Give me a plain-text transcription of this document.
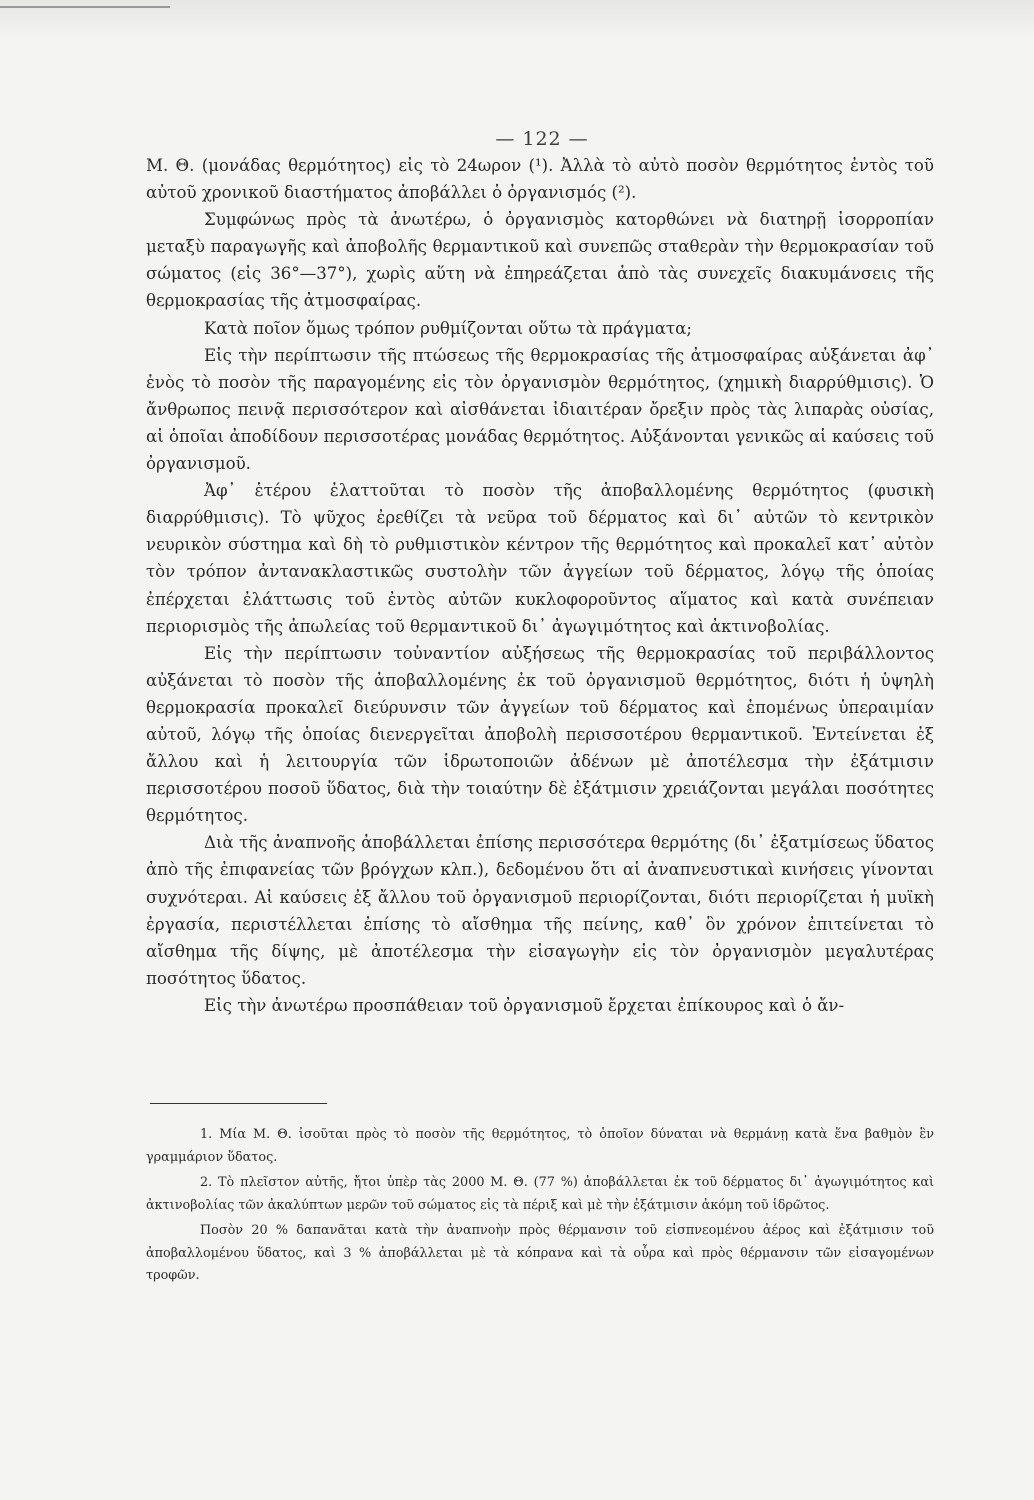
— 122 —

Μ. Θ. (μονάδας θερμότητος) εἰς τὸ 24ωρον (¹). Ἀλλὰ τὸ αὐτὸ ποσὸν θερμότητος ἐντὸς τοῦ αὐτοῦ χρονικοῦ διαστήματος ἀποβάλλει ὁ ὀργανισμός (²).

Συμφώνως πρὸς τὰ ἀνωτέρω, ὁ ὀργανισμὸς κατορθώνει νὰ διατηρῇ ἰσορροπίαν μεταξὺ παραγωγῆς καὶ ἀποβολῆς θερμαντικοῦ καὶ συνεπῶς σταθερὰν τὴν θερμοκρασίαν τοῦ σώματος (εἰς 36°—37°), χωρὶς αὕτη νὰ ἐπηρεάζεται ἀπὸ τὰς συνεχεῖς διακυμάνσεις τῆς θερμοκρασίας τῆς ἀτμοσφαίρας.

Κατὰ ποῖον ὅμως τρόπον ρυθμίζονται οὕτω τὰ πράγματα;

Εἰς τὴν περίπτωσιν τῆς πτώσεως τῆς θερμοκρασίας τῆς ἀτμοσφαίρας αὐξάνεται ἀφ᾽ ἑνὸς τὸ ποσὸν τῆς παραγομένης εἰς τὸν ὀργανισμὸν θερμότητος, (χημικὴ διαρρύθμισις). Ὁ ἄνθρωπος πεινᾷ περισσότερον καὶ αἰσθάνεται ἰδιαιτέραν ὄρεξιν πρὸς τὰς λιπαρὰς οὐσίας, αἱ ὁποῖαι ἀποδίδουν περισσοτέρας μονάδας θερμότητος. Αὐξάνονται γενικῶς αἱ καύσεις τοῦ ὀργανισμοῦ.

Ἀφ᾽ ἑτέρου ἐλαττοῦται τὸ ποσὸν τῆς ἀποβαλλομένης θερμότητος (φυσικὴ διαρρύθμισις). Τὸ ψῦχος ἐρεθίζει τὰ νεῦρα τοῦ δέρματος καὶ δι᾽ αὐτῶν τὸ κεντρικὸν νευρικὸν σύστημα καὶ δὴ τὸ ρυθμιστικὸν κέντρον τῆς θερμότητος καὶ προκαλεῖ κατ᾽ αὐτὸν τὸν τρόπον ἀντανακλαστικῶς συστολὴν τῶν ἀγγείων τοῦ δέρματος, λόγῳ τῆς ὁποίας ἐπέρχεται ἐλάττωσις τοῦ ἐντὸς αὐτῶν κυκλοφοροῦντος αἵματος καὶ κατὰ συνέπειαν περιορισμὸς τῆς ἀπωλείας τοῦ θερμαντικοῦ δι᾽ ἀγωγιμότητος καὶ ἀκτινοβολίας.

Εἰς τὴν περίπτωσιν τοὐναντίον αὐξήσεως τῆς θερμοκρασίας τοῦ περιβάλλοντος αὐξάνεται τὸ ποσὸν τῆς ἀποβαλλομένης ἐκ τοῦ ὀργανισμοῦ θερμότητος, διότι ἡ ὑψηλὴ θερμοκρασία προκαλεῖ διεύρυνσιν τῶν ἀγγείων τοῦ δέρματος καὶ ἑπομένως ὑπεραιμίαν αὐτοῦ, λόγῳ τῆς ὁποίας διενεργεῖται ἀποβολὴ περισσοτέρου θερμαντικοῦ. Ἐντείνεται ἐξ ἄλλου καὶ ἡ λειτουργία τῶν ἱδρωτοποιῶν ἀδένων μὲ ἀποτέλεσμα τὴν ἐξάτμισιν περισσοτέρου ποσοῦ ὕδατος, διὰ τὴν τοιαύτην δὲ ἐξάτμισιν χρειάζονται μεγάλαι ποσότητες θερμότητος.

Διὰ τῆς ἀναπνοῆς ἀποβάλλεται ἐπίσης περισσότερα θερμότης (δι᾽ ἐξατμίσεως ὕδατος ἀπὸ τῆς ἐπιφανείας τῶν βρόγχων κλπ.), δεδομένου ὅτι αἱ ἀναπνευστικαὶ κινήσεις γίνονται συχνότεραι. Αἱ καύσεις ἐξ ἄλλου τοῦ ὀργανισμοῦ περιορίζονται, διότι περιορίζεται ἡ μυϊκὴ ἐργασία, περιστέλλεται ἐπίσης τὸ αἴσθημα τῆς πείνης, καθ᾽ ὃν χρόνον ἐπιτείνεται τὸ αἴσθημα τῆς δίψης, μὲ ἀποτέλεσμα τὴν εἰσαγωγὴν εἰς τὸν ὀργανισμὸν μεγαλυτέρας ποσότητος ὕδατος.

Εἰς τὴν ἀνωτέρω προσπάθειαν τοῦ ὀργανισμοῦ ἔρχεται ἐπίκουρος καὶ ὁ ἄν-

1. Μία Μ. Θ. ἰσοῦται πρὸς τὸ ποσὸν τῆς θερμότητος, τὸ ὁποῖον δύναται νὰ θερμάνῃ κατὰ ἕνα βαθμὸν ἓν γραμμάριον ὕδατος.

2. Τὸ πλεῖστον αὐτῆς, ἤτοι ὑπὲρ τὰς 2000 Μ. Θ. (77 %) ἀποβάλλεται ἐκ τοῦ δέρματος δι᾽ ἀγωγιμότητος καὶ ἀκτινοβολίας τῶν ἀκαλύπτων μερῶν τοῦ σώματος εἰς τὰ πέριξ καὶ μὲ τὴν ἐξάτμισιν ἀκόμη τοῦ ἱδρῶτος.

Ποσὸν 20 % δαπανᾶται κατὰ τὴν ἀναπνοὴν πρὸς θέρμανσιν τοῦ εἰσπνεομένου ἀέρος καὶ ἐξάτμισιν τοῦ ἀποβαλλομένου ὕδατος, καὶ 3 % ἀποβάλλεται μὲ τὰ κόπρανα καὶ τὰ οὖρα καὶ πρὸς θέρμανσιν τῶν εἰσαγομένων τροφῶν.
